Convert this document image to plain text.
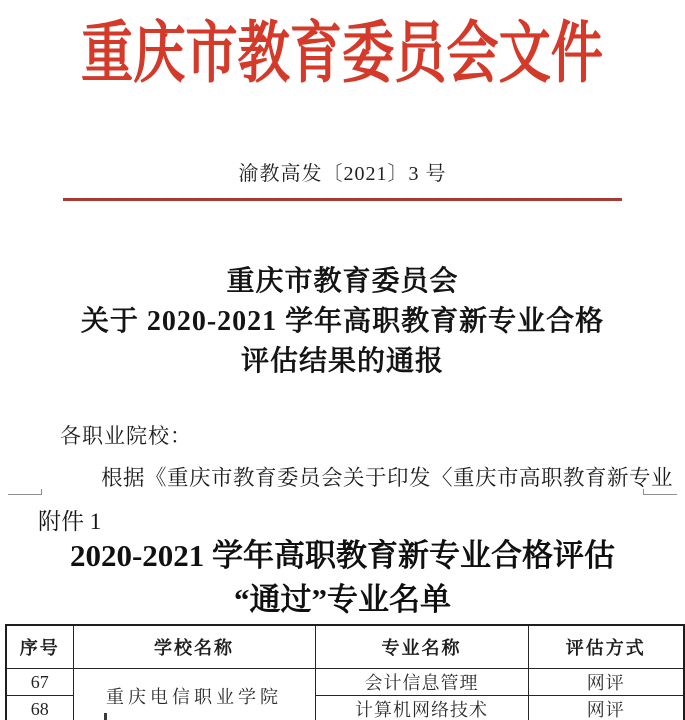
重庆市教育委员会文件
渝教高发〔2021〕3 号
重庆市教育委员会
关于 2020-2021 学年高职教育新专业合格
评估结果的通报
各职业院校：
根据《重庆市教育委员会关于印发〈重庆市高职教育新专业
附件 1
2020-2021 学年高职教育新专业合格评估
“通过”专业名单
序号	学校名称	专业名称	评估方式
67	重庆电信职业学院	会计信息管理	网评
68		计算机网络技术	网评
